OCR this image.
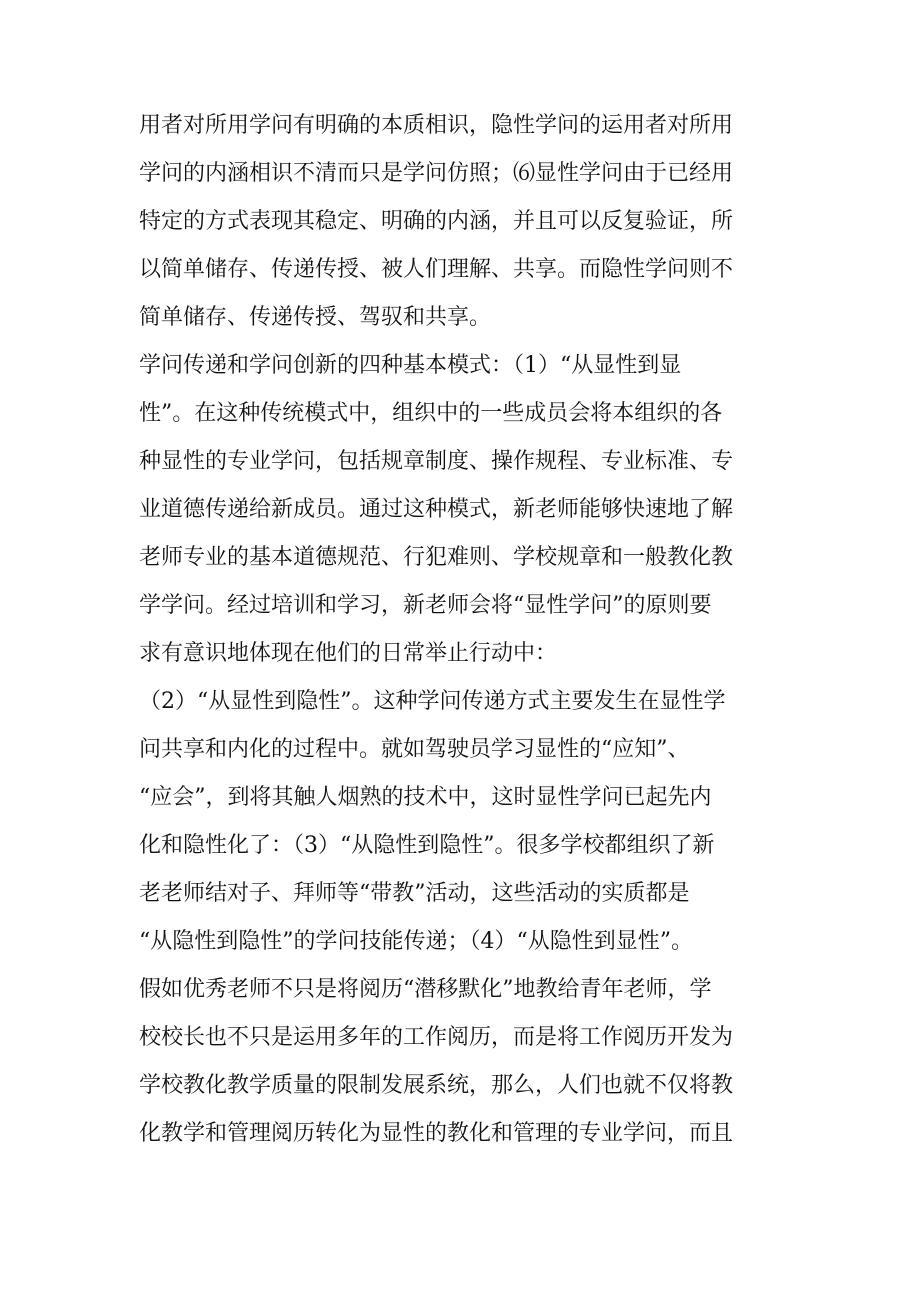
用者对所用学问有明确的本质相识，隐性学问的运用者对所用
学问的内涵相识不清而只是学问仿照；⑹显性学问由于已经用
特定的方式表现其稳定、明确的内涵，并且可以反复验证，所
以简单储存、传递传授、被人们理解、共享。而隐性学问则不
简单储存、传递传授、驾驭和共享。
学问传递和学问创新的四种基本模式：（1）“从显性到显
性”。在这种传统模式中，组织中的一些成员会将本组织的各
种显性的专业学问，包括规章制度、操作规程、专业标准、专
业道德传递给新成员。通过这种模式，新老师能够快速地了解
老师专业的基本道德规范、行犯难则、学校规章和一般教化教
学学问。经过培训和学习，新老师会将“显性学问”的原则要
求有意识地体现在他们的日常举止行动中：
（2）“从显性到隐性”。这种学问传递方式主要发生在显性学
问共享和内化的过程中。就如驾驶员学习显性的“应知”、
“应会”，到将其触人烟熟的技术中，这时显性学问已起先内
化和隐性化了：（3）“从隐性到隐性”。很多学校都组织了新
老老师结对子、拜师等“带教”活动，这些活动的实质都是
“从隐性到隐性”的学问技能传递；（4）“从隐性到显性”。
假如优秀老师不只是将阅历“潜移默化”地教给青年老师，学
校校长也不只是运用多年的工作阅历，而是将工作阅历开发为
学校教化教学质量的限制发展系统，那么，人们也就不仅将教
化教学和管理阅历转化为显性的教化和管理的专业学问，而且
